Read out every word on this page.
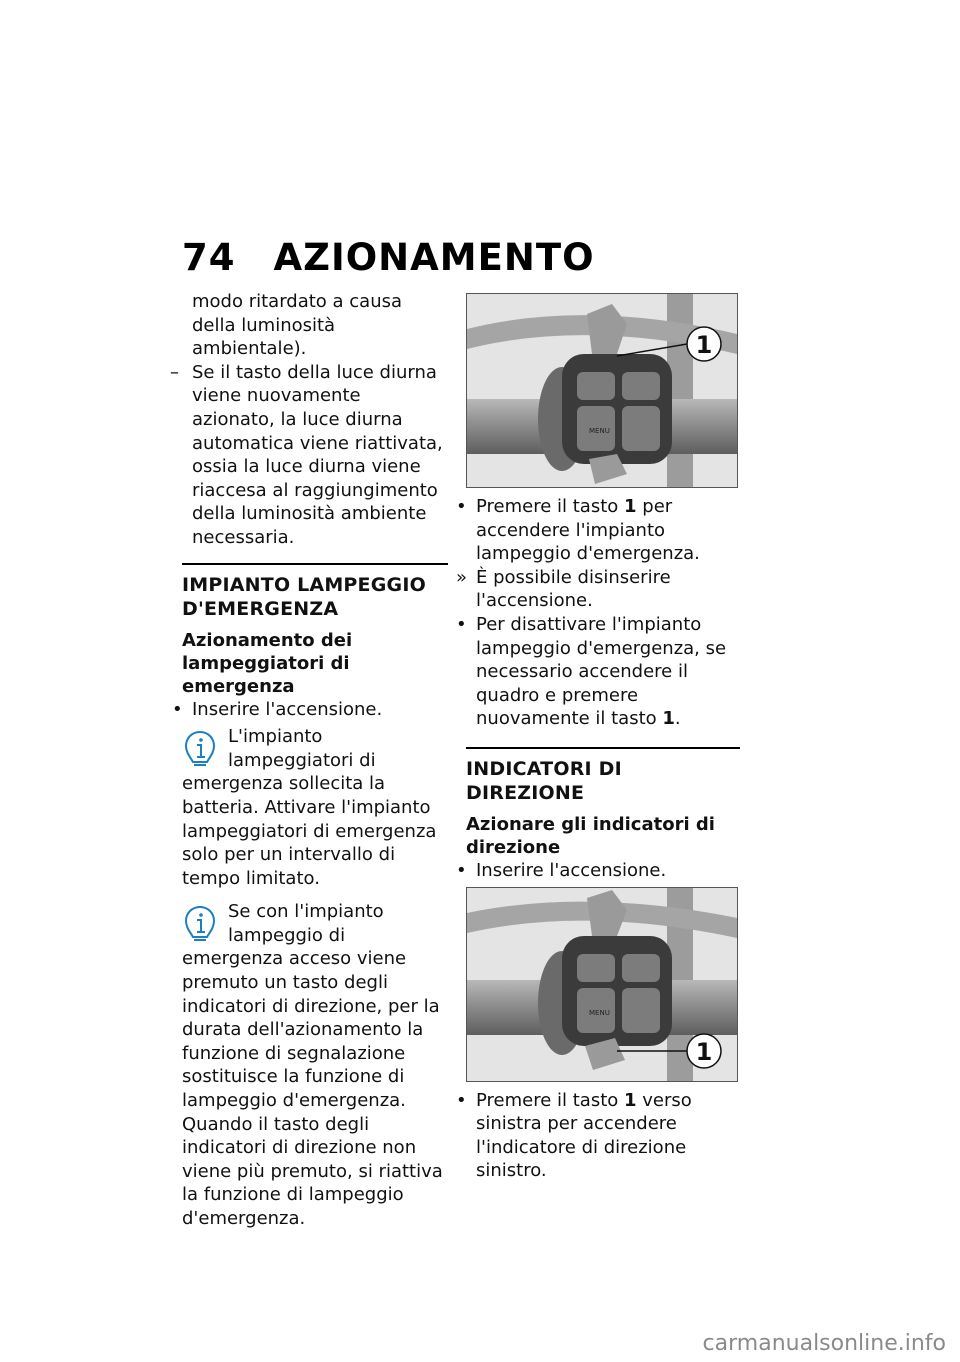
74 AZIONAMENTO
modo ritardato a causa della luminosità ambientale).
– Se il tasto della luce diurna viene nuovamente azionato, la luce diurna automatica viene riattivata, ossia la luce diurna viene riaccesa al raggiungimento della luminosità ambiente necessaria.
IMPIANTO LAMPEGGIO D'EMERGENZA
Azionamento dei lampeggiatori di emergenza
• Inserire l'accensione.
L'impianto lampeggiatori di emergenza sollecita la batteria. Attivare l'impianto lampeggiatori di emergenza solo per un intervallo di tempo limitato.
Se con l'impianto lampeggio di emergenza acceso viene premuto un tasto degli indicatori di direzione, per la durata dell'azionamento la funzione di segnalazione sostituisce la funzione di lampeggio d'emergenza. Quando il tasto degli indicatori di direzione non viene più premuto, si riattiva la funzione di lampeggio d'emergenza.
MENU
1
• Premere il tasto 1 per accendere l'impianto lampeggio d'emergenza.
» È possibile disinserire l'accensione.
• Per disattivare l'impianto lampeggio d'emergenza, se necessario accendere il quadro e premere nuovamente il tasto 1.
INDICATORI DI DIREZIONE
Azionare gli indicatori di direzione
• Inserire l'accensione.
MENU
1
• Premere il tasto 1 verso sinistra per accendere l'indicatore di direzione sinistro.
carmanualsonline.info
